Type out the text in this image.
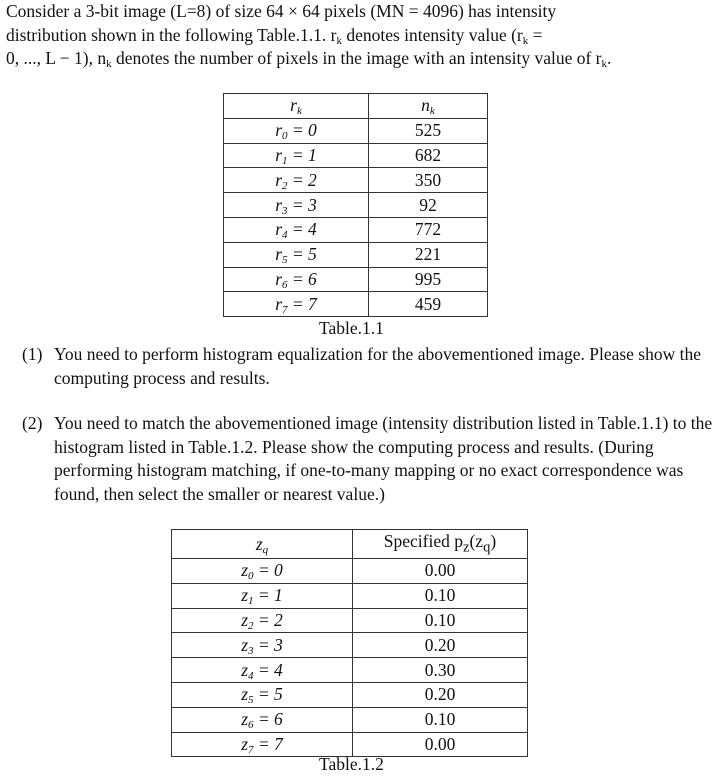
Consider a 3-bit image (L=8) of size 64 × 64 pixels (MN = 4096) has intensity
distribution shown in the following Table.1.1. $r_k$ denotes intensity value ($r_k$ =
0, ..., L − 1), $n_k$ denotes the number of pixels in the image with an intensity value of $r_k$.
$r_k$	$n_k$
$r_0 = 0$	525
$r_1 = 1$	682
$r_2 = 2$	350
$r_3 = 3$	92
$r_4 = 4$	772
$r_5 = 5$	221
$r_6 = 6$	995
$r_7 = 7$	459
Table.1.1
(1) You need to perform histogram equalization for the abovementioned image. Please show the computing process and results.
(2) You need to match the abovementioned image (intensity distribution listed in Table.1.1) to the histogram listed in Table.1.2. Please show the computing process and results. (During performing histogram matching, if one-to-many mapping or no exact correspondence was found, then select the smaller or nearest value.)
$z_q$	Specified $p_z(z_q)$
$z_0 = 0$	0.00
$z_1 = 1$	0.10
$z_2 = 2$	0.10
$z_3 = 3$	0.20
$z_4 = 4$	0.30
$z_5 = 5$	0.20
$z_6 = 6$	0.10
$z_7 = 7$	0.00
Table.1.2
